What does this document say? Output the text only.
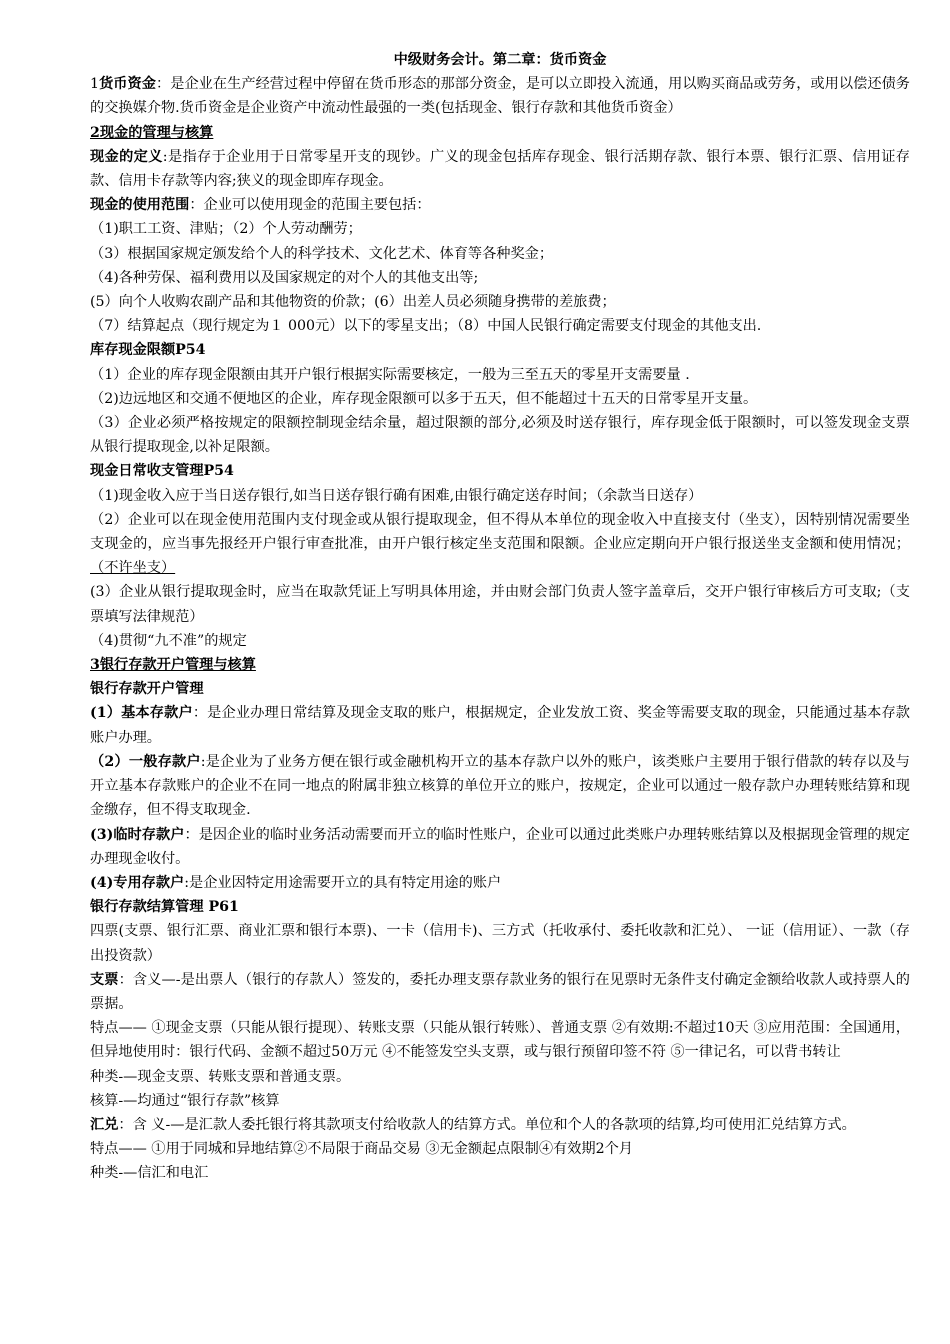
中级财务会计。第二章：货币资金

1货币资金：是企业在生产经营过程中停留在货币形态的那部分资金，是可以立即投入流通，用以购买商品或劳务，或用以偿还债务的交换媒介物.货币资金是企业资产中流动性最强的一类(包括现金、银行存款和其他货币资金）

2现金的管理与核算

现金的定义:是指存于企业用于日常零星开支的现钞。广义的现金包括库存现金、银行活期存款、银行本票、银行汇票、信用证存款、信用卡存款等内容;狭义的现金即库存现金。

现金的使用范围：企业可以使用现金的范围主要包括：

（1)职工工资、津贴；（2）个人劳动酬劳；

（3）根据国家规定颁发给个人的科学技术、文化艺术、体育等各种奖金；

（4)各种劳保、福利费用以及国家规定的对个人的其他支出等;

(5）向个人收购农副产品和其他物资的价款；(6）出差人员必须随身携带的差旅费；

（7）结算起点（现行规定为１ 000元）以下的零星支出；（8）中国人民银行确定需要支付现金的其他支出.

库存现金限额P54

（1）企业的库存现金限额由其开户银行根据实际需要核定，一般为三至五天的零星开支需要量 .

（2)边远地区和交通不便地区的企业，库存现金限额可以多于五天，但不能超过十五天的日常零星开支量。

（3）企业必须严格按规定的限额控制现金结余量，超过限额的部分,必须及时送存银行，库存现金低于限额时，可以签发现金支票从银行提取现金,以补足限额。

现金日常收支管理P54

（1)现金收入应于当日送存银行,如当日送存银行确有困难,由银行确定送存时间；（余款当日送存）

（2）企业可以在现金使用范围内支付现金或从银行提取现金，但不得从本单位的现金收入中直接支付（坐支），因特别情况需要坐支现金的，应当事先报经开户银行审查批准，由开户银行核定坐支范围和限额。企业应定期向开户银行报送坐支金额和使用情况；（不许坐支）

(3）企业从银行提取现金时，应当在取款凭证上写明具体用途，并由财会部门负责人签字盖章后，交开户银行审核后方可支取;（支票填写法律规范）

（4)贯彻“九不准”的规定

3银行存款开户管理与核算

银行存款开户管理

(1）基本存款户：是企业办理日常结算及现金支取的账户，根据规定，企业发放工资、奖金等需要支取的现金，只能通过基本存款账户办理。

（2）一般存款户:是企业为了业务方便在银行或金融机构开立的基本存款户以外的账户，该类账户主要用于银行借款的转存以及与开立基本存款账户的企业不在同一地点的附属非独立核算的单位开立的账户，按规定，企业可以通过一般存款户办理转账结算和现金缴存，但不得支取现金.

(3)临时存款户：是因企业的临时业务活动需要而开立的临时性账户，企业可以通过此类账户办理转账结算以及根据现金管理的规定办理现金收付。

(4)专用存款户:是企业因特定用途需要开立的具有特定用途的账户

银行存款结算管理 P61

四票(支票、银行汇票、商业汇票和银行本票)、一卡（信用卡)、三方式（托收承付、委托收款和汇兑）、 一证（信用证）、一款（存出投资款）

支票：含义—-是出票人（银行的存款人）签发的，委托办理支票存款业务的银行在见票时无条件支付确定金额给收款人或持票人的票据。

特点—— ①现金支票（只能从银行提现）、转账支票（只能从银行转账）、普通支票 ②有效期:不超过10天 ③应用范围：全国通用，但异地使用时：银行代码、金额不超过50万元 ④不能签发空头支票，或与银行预留印签不符 ⑤一律记名，可以背书转让

种类-—现金支票、转账支票和普通支票。

核算-—均通过“银行存款”核算

汇兑：含 义-—是汇款人委托银行将其款项支付给收款人的结算方式。单位和个人的各款项的结算,均可使用汇兑结算方式。

特点—— ①用于同城和异地结算②不局限于商品交易 ③无金额起点限制④有效期2个月

种类-—信汇和电汇
